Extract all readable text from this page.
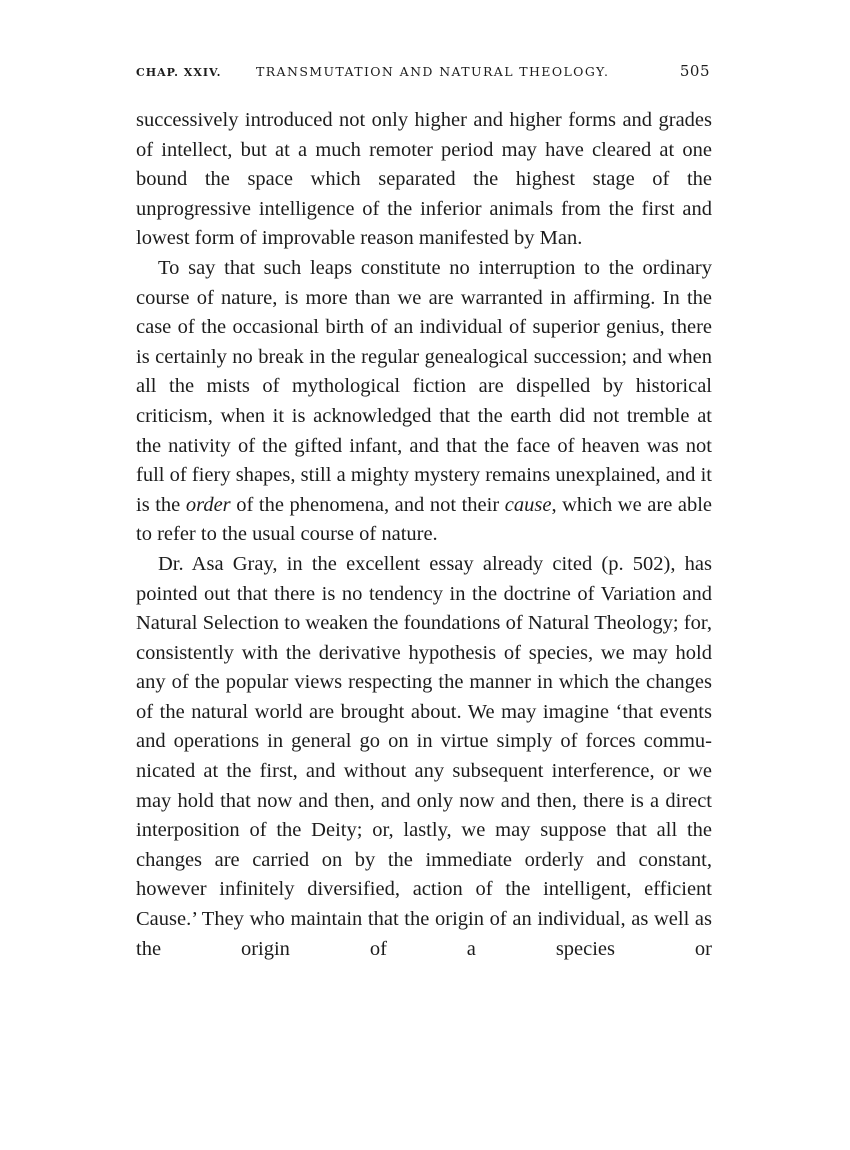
CHAP. XXIV.	TRANSMUTATION AND NATURAL THEOLOGY.	505

successively introduced not only higher and higher forms and grades of intellect, but at a much remoter period may have cleared at one bound the space which separated the highest stage of the unprogressive intelligence of the inferior animals from the first and lowest form of improvable reason manifested by Man.

To say that such leaps constitute no interruption to the ordinary course of nature, is more than we are warranted in affirming. In the case of the occasional birth of an individual of superior genius, there is certainly no break in the regular genealogical succession; and when all the mists of mythological fiction are dispelled by historical criticism, when it is acknowledged that the earth did not tremble at the nativity of the gifted infant, and that the face of heaven was not full of fiery shapes, still a mighty mystery remains unexplained, and it is the order of the phenomena, and not their cause, which we are able to refer to the usual course of nature.

Dr. Asa Gray, in the excellent essay already cited (p. 502), has pointed out that there is no tendency in the doctrine of Variation and Natural Selection to weaken the foundations of Natural Theology; for, consistently with the derivative hypothesis of species, we may hold any of the popular views respecting the manner in which the changes of the natural world are brought about. We may imagine ‘that events and operations in general go on in virtue simply of forces communicated at the first, and without any subsequent interference, or we may hold that now and then, and only now and then, there is a direct interposition of the Deity; or, lastly, we may suppose that all the changes are carried on by the immediate orderly and constant, however infinitely diversified, action of the intelligent, efficient Cause.’ They who maintain that the origin of an individual, as well as the origin of a species or
